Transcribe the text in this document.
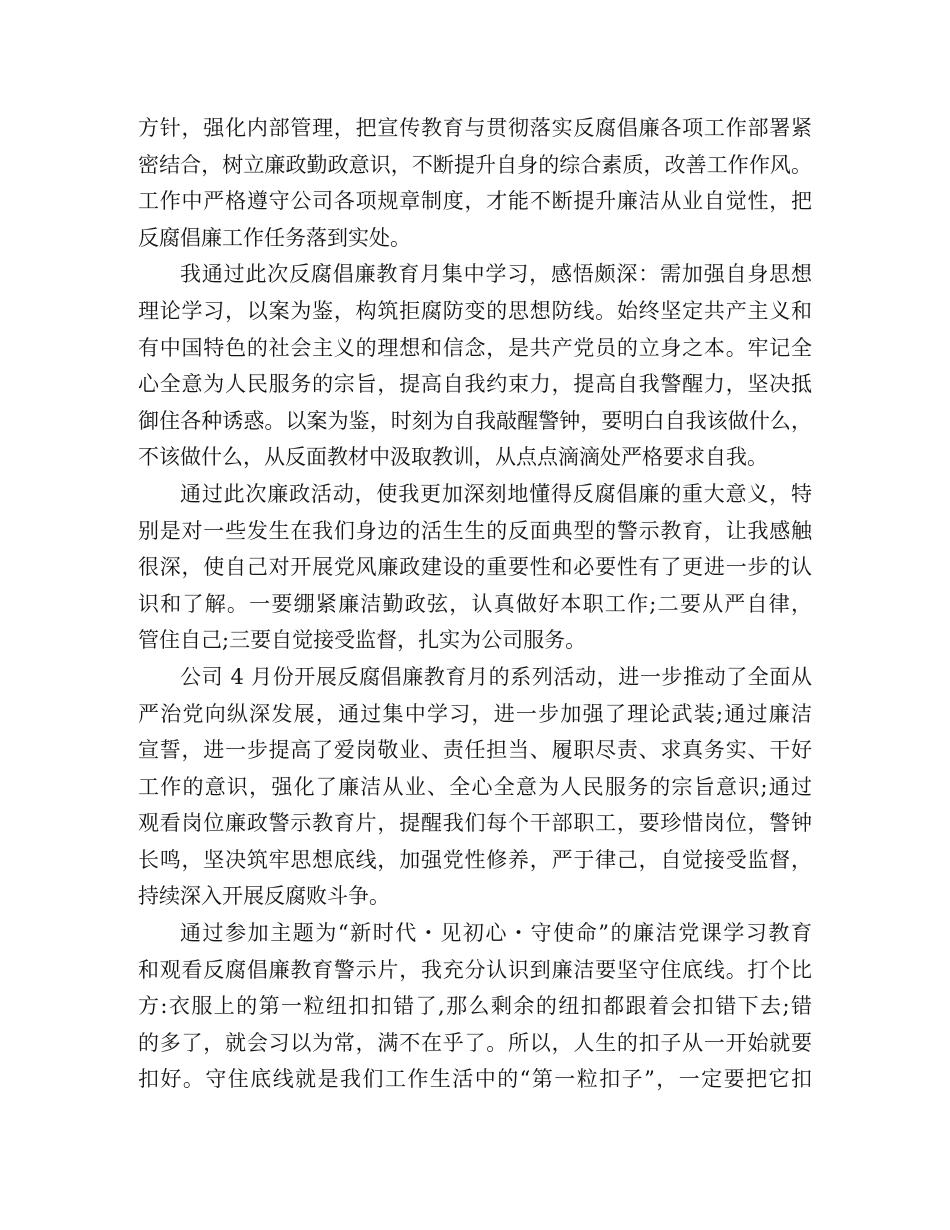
方针，强化内部管理，把宣传教育与贯彻落实反腐倡廉各项工作部署紧
密结合，树立廉政勤政意识，不断提升自身的综合素质，改善工作作风。
工作中严格遵守公司各项规章制度，才能不断提升廉洁从业自觉性，把
反腐倡廉工作任务落到实处。

我通过此次反腐倡廉教育月集中学习，感悟颇深：需加强自身思想
理论学习，以案为鉴，构筑拒腐防变的思想防线。始终坚定共产主义和
有中国特色的社会主义的理想和信念，是共产党员的立身之本。牢记全
心全意为人民服务的宗旨，提高自我约束力，提高自我警醒力，坚决抵
御住各种诱惑。以案为鉴，时刻为自我敲醒警钟，要明白自我该做什么，
不该做什么，从反面教材中汲取教训，从点点滴滴处严格要求自我。

通过此次廉政活动，使我更加深刻地懂得反腐倡廉的重大意义，特
别是对一些发生在我们身边的活生生的反面典型的警示教育，让我感触
很深，使自己对开展党风廉政建设的重要性和必要性有了更进一步的认
识和了解。一要绷紧廉洁勤政弦，认真做好本职工作;二要从严自律，
管住自己;三要自觉接受监督，扎实为公司服务。

公司 4 月份开展反腐倡廉教育月的系列活动，进一步推动了全面从
严治党向纵深发展，通过集中学习，进一步加强了理论武装;通过廉洁
宣誓，进一步提高了爱岗敬业、责任担当、履职尽责、求真务实、干好
工作的意识，强化了廉洁从业、全心全意为人民服务的宗旨意识;通过
观看岗位廉政警示教育片，提醒我们每个干部职工，要珍惜岗位，警钟
长鸣，坚决筑牢思想底线，加强党性修养，严于律己，自觉接受监督，
持续深入开展反腐败斗争。

通过参加主题为“新时代・见初心・守使命”的廉洁党课学习教育
和观看反腐倡廉教育警示片，我充分认识到廉洁要坚守住底线。打个比
方:衣服上的第一粒纽扣扣错了,那么剩余的纽扣都跟着会扣错下去;错
的多了，就会习以为常，满不在乎了。所以，人生的扣子从一开始就要
扣好。守住底线就是我们工作生活中的“第一粒扣子”，一定要把它扣
